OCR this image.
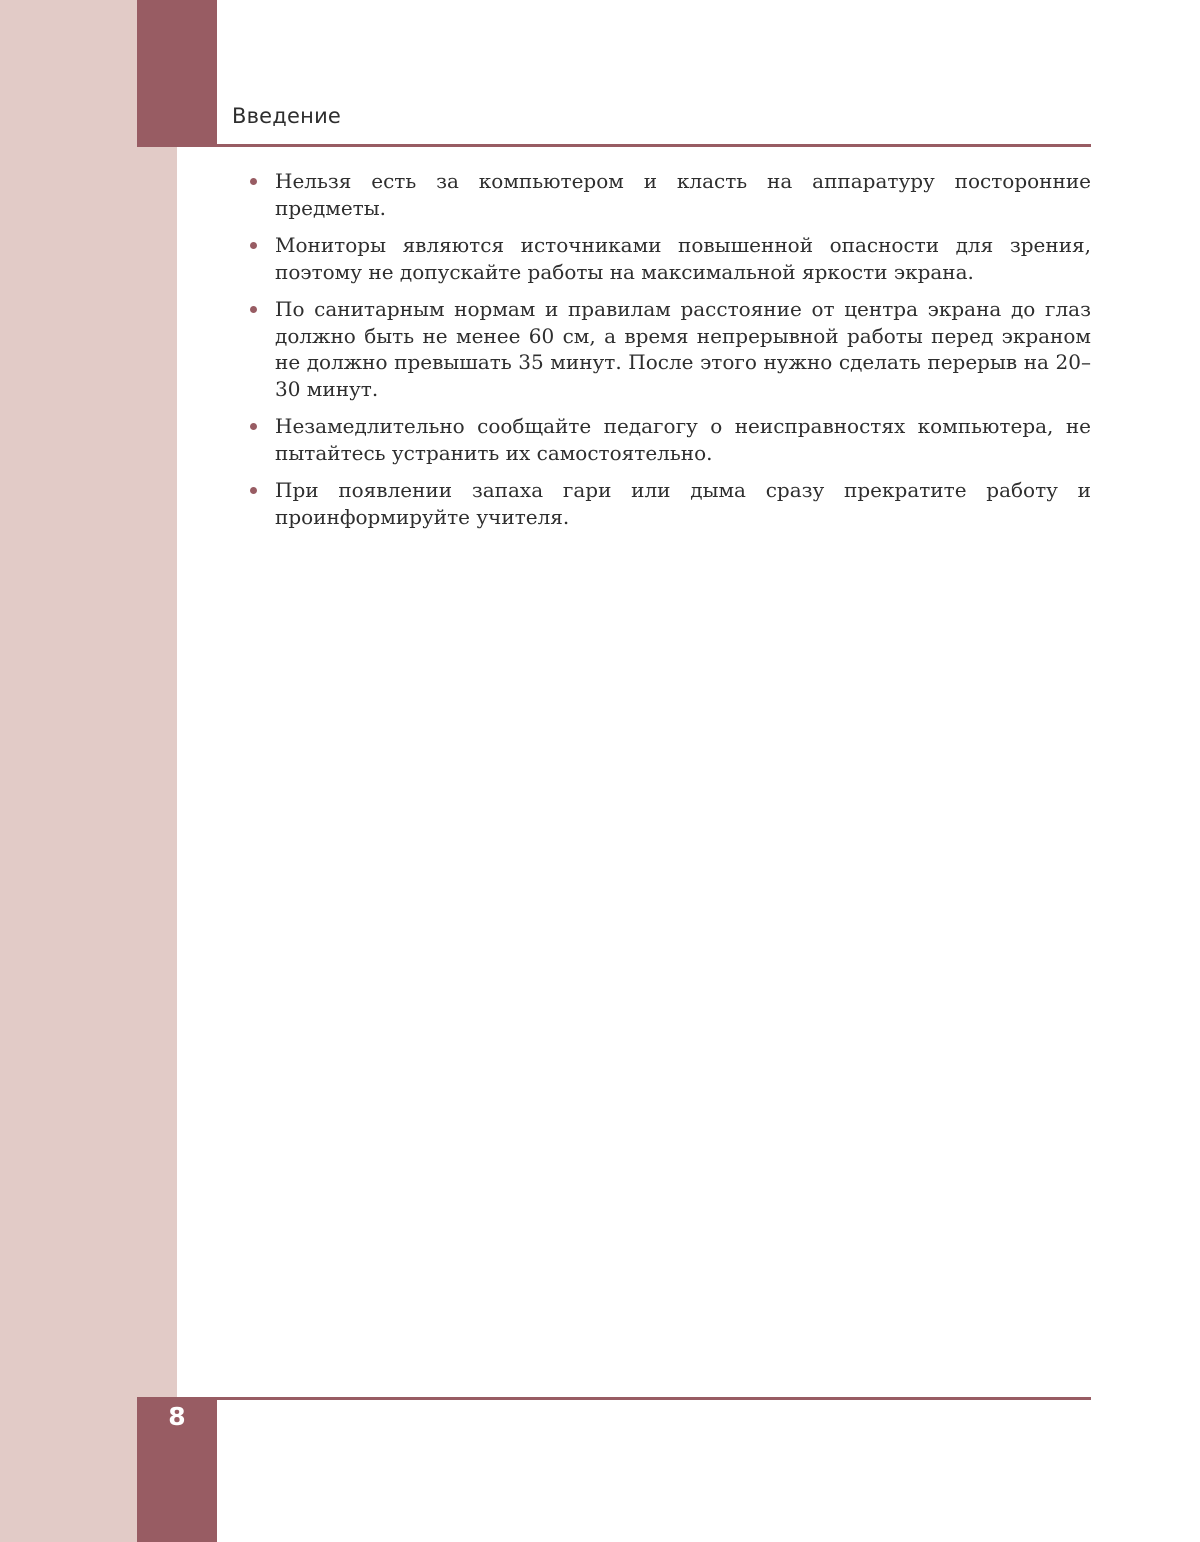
Введение
Нельзя есть за компьютером и класть на аппаратуру посторонние предметы.
Мониторы являются источниками повышенной опасности для зрения, поэтому не допускайте работы на максимальной яркости экрана.
По санитарным нормам и правилам расстояние от центра экрана до глаз должно быть не менее 60 см, а время непрерывной работы перед экраном не должно превышать 35 минут. После этого нужно сделать перерыв на 20–30 минут.
Незамедлительно сообщайте педагогу о неисправностях компьютера, не пытайтесь устранить их самостоятельно.
При появлении запаха гари или дыма сразу прекратите работу и проинформируйте учителя.
8
